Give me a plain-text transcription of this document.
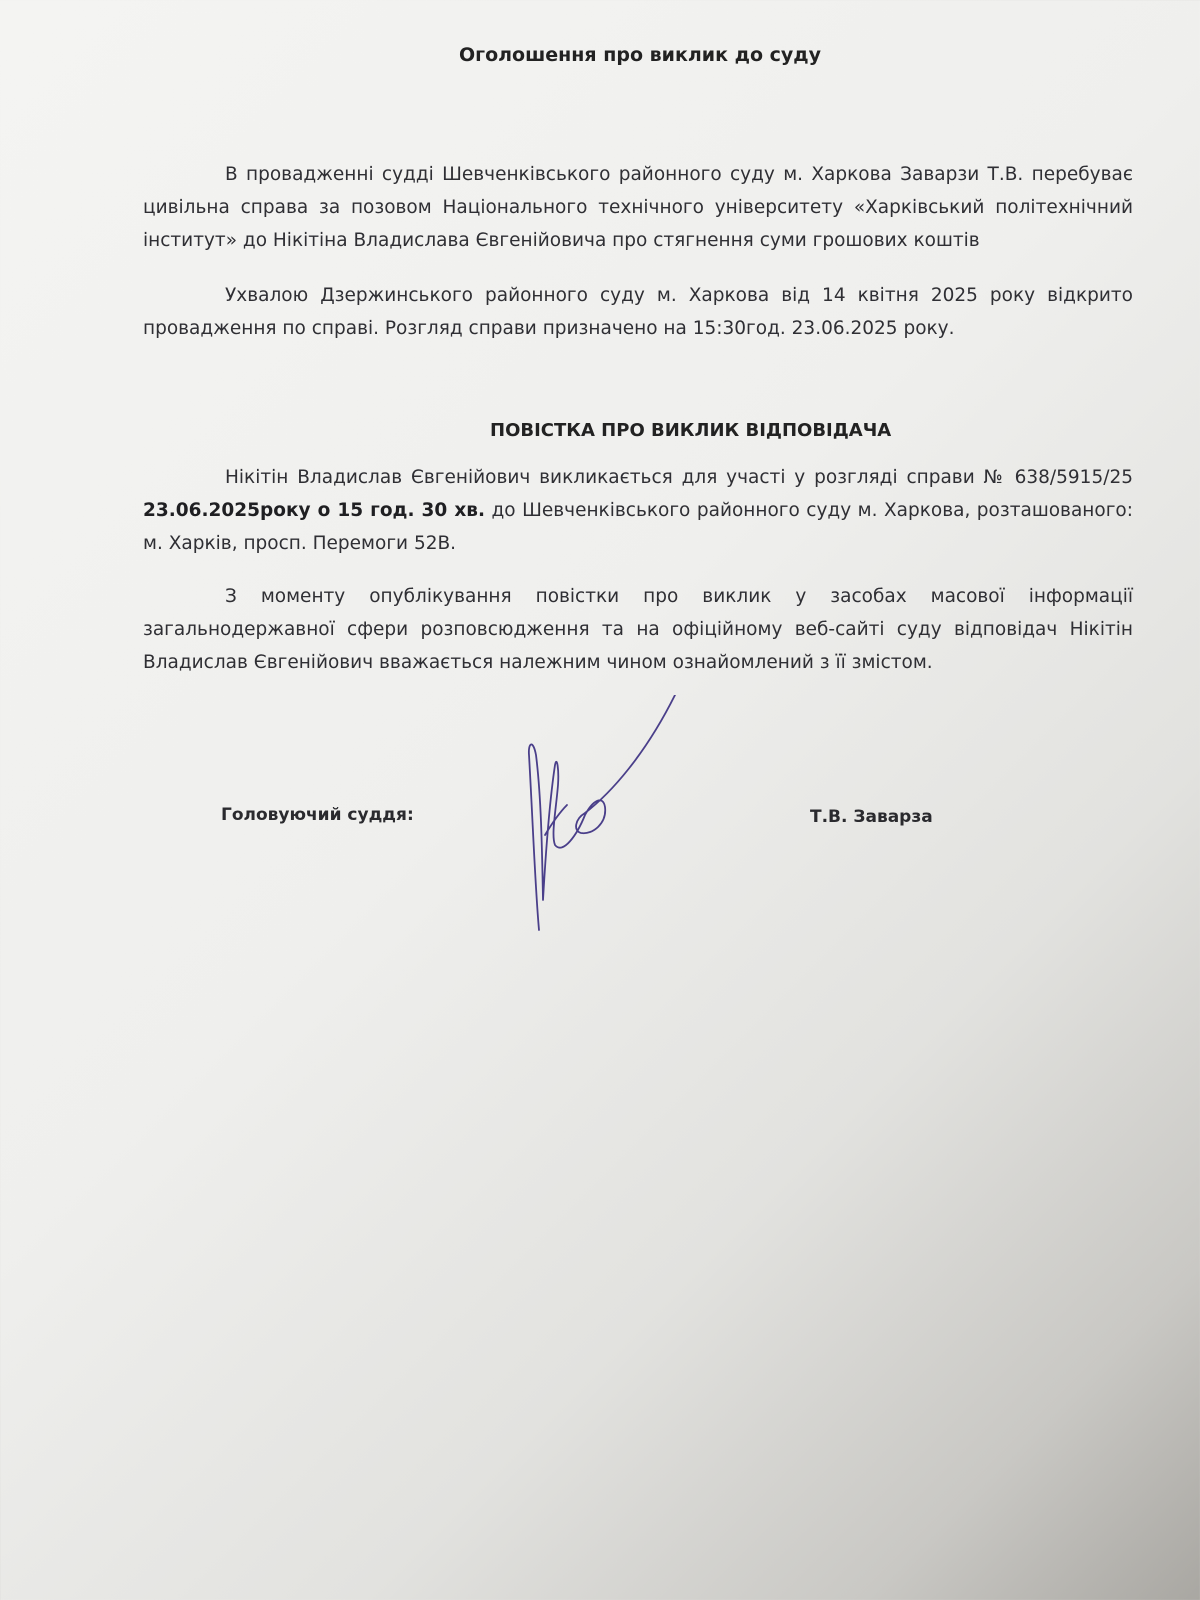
Оголошення про виклик до суду
В провадженні судді Шевченківського районного суду м. Харкова Заварзи Т.В. перебуває цивільна справа за позовом Національного технічного університету «Харківський політехнічний інститут» до Нікітіна Владислава Євгенійовича про стягнення суми грошових коштів
Ухвалою Дзержинського районного суду м. Харкова від 14 квітня 2025 року відкрито провадження по справі. Розгляд справи призначено на 15:30год. 23.06.2025 року.
ПОВІСТКА ПРО ВИКЛИК ВІДПОВІДАЧА
Нікітін Владислав Євгенійович викликається для участі у розгляді справи № 638/5915/25 23.06.2025року о 15 год. 30 хв. до Шевченківського районного суду м. Харкова, розташованого: м. Харків, просп. Перемоги 52В.
З моменту опублікування повістки про виклик у засобах масової інформації загальнодержавної сфери розповсюдження та на офіційному веб-сайті суду відповідач Нікітін Владислав Євгенійович вважається належним чином ознайомлений з її змістом.
Головуючий суддя:	Т.В. Заварза
